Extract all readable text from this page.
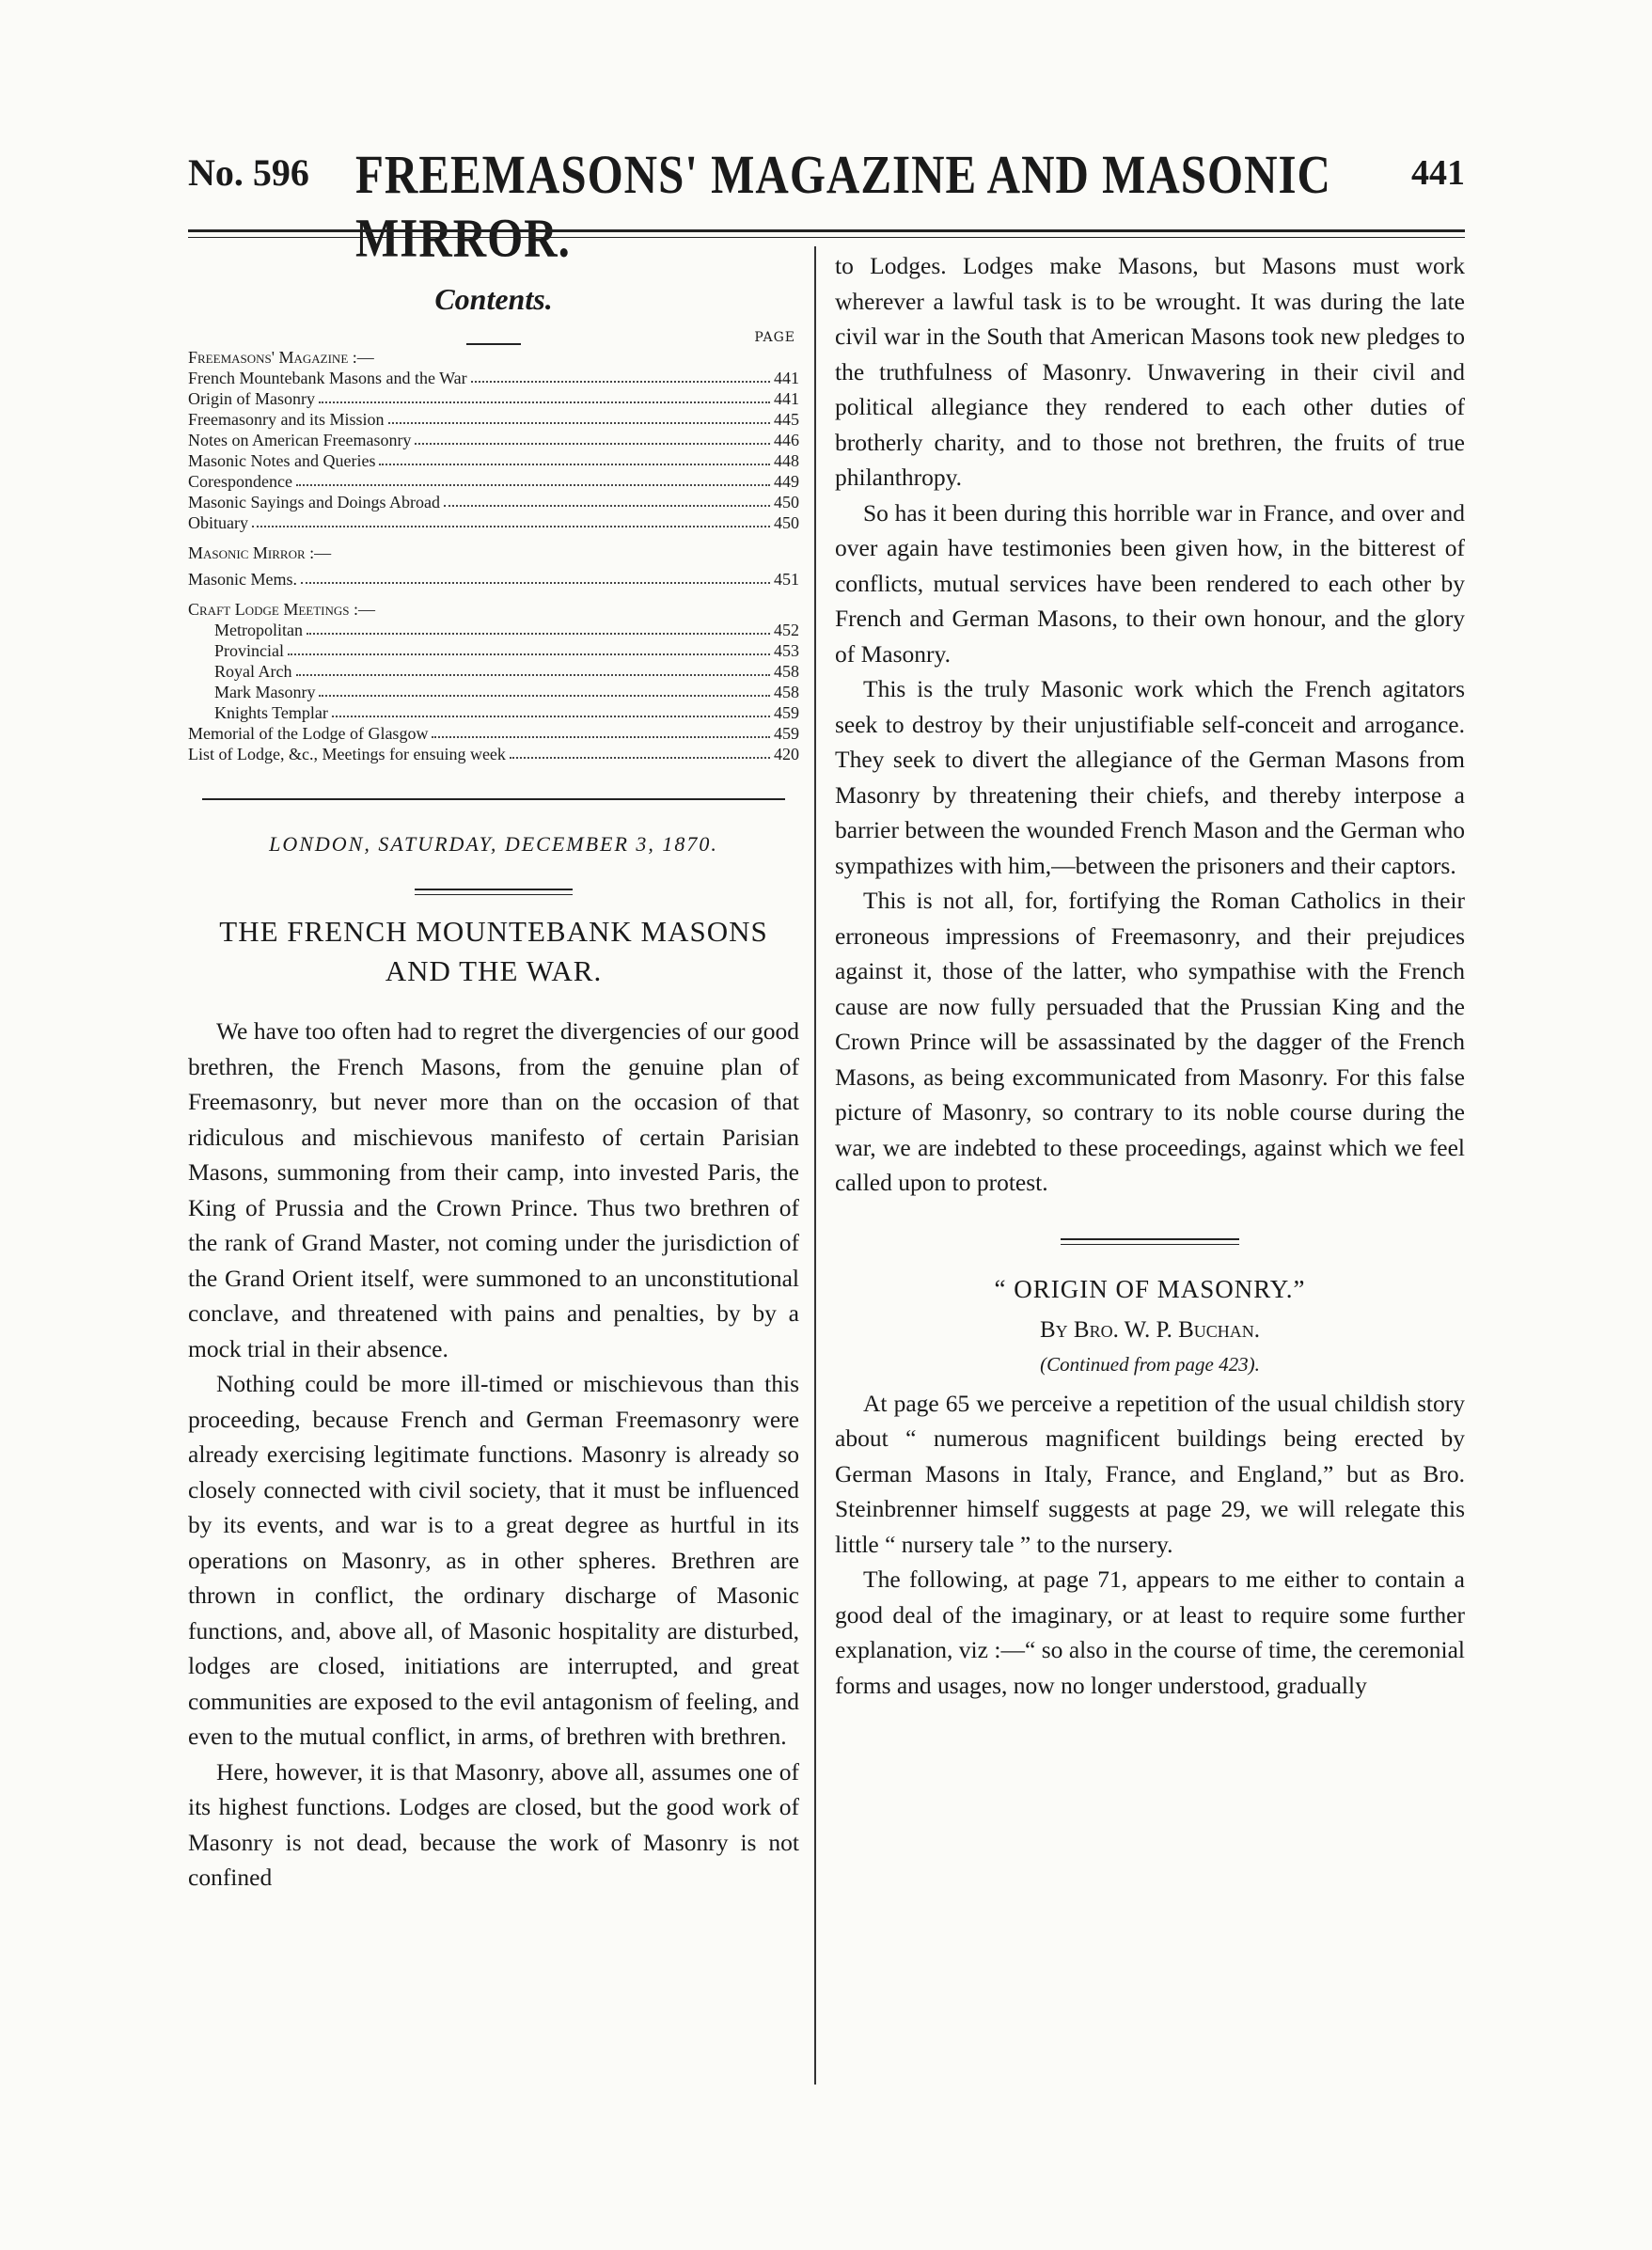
No. 596 FREEMASONS' MAGAZINE AND MASONIC MIRROR.
441
Contents.
PAGE
Freemasons' Magazine :—
French Mountebank Masons and the War	441
Origin of Masonry	441
Freemasonry and its Mission	445
Notes on American Freemasonry	446
Masonic Notes and Queries	448
Corespondence	449
Masonic Sayings and Doings Abroad	450
Obituary	450
Masonic Mirror :—
Masonic Mems.	451
Craft Lodge Meetings :—
Metropolitan	452
Provincial	453
Royal Arch	458
Mark Masonry	458
Knights Templar	459
Memorial of the Lodge of Glasgow	459
List of Lodge, &c., Meetings for ensuing week	420
LONDON, SATURDAY, DECEMBER 3, 1870.
THE FRENCH MOUNTEBANK MASONS
AND THE WAR.

We have too often had to regret the divergencies of our good brethren, the French Masons, from the genuine plan of Freemasonry, but never more than on the occasion of that ridiculous and mischievous manifesto of certain Parisian Masons, summoning from their camp, into invested Paris, the King of Prussia and the Crown Prince. Thus two brethren of the rank of Grand Master, not coming under the jurisdiction of the Grand Orient itself, were summoned to an unconstitutional conclave, and threatened with pains and penalties, by by a mock trial in their absence.

Nothing could be more ill-timed or mischievous than this proceeding, because French and German Freemasonry were already exercising legitimate functions. Masonry is already so closely connected with civil society, that it must be influenced by its events, and war is to a great degree as hurtful in its operations on Masonry, as in other spheres. Brethren are thrown in conflict, the ordinary discharge of Masonic functions, and, above all, of Masonic hospitality are disturbed, lodges are closed, initiations are interrupted, and great communities are exposed to the evil antagonism of feeling, and even to the mutual conflict, in arms, of brethren with brethren.

Here, however, it is that Masonry, above all, assumes one of its highest functions. Lodges are closed, but the good work of Masonry is not dead, because the work of Masonry is not confined

to Lodges. Lodges make Masons, but Masons must work wherever a lawful task is to be wrought. It was during the late civil war in the South that American Masons took new pledges to the truthfulness of Masonry. Unwavering in their civil and political allegiance they rendered to each other duties of brotherly charity, and to those not brethren, the fruits of true philanthropy.

So has it been during this horrible war in France, and over and over again have testimonies been given how, in the bitterest of conflicts, mutual services have been rendered to each other by French and German Masons, to their own honour, and the glory of Masonry.

This is the truly Masonic work which the French agitators seek to destroy by their unjustifiable self-conceit and arrogance. They seek to divert the allegiance of the German Masons from Masonry by threatening their chiefs, and thereby interpose a barrier between the wounded French Mason and the German who sympathizes with him,—between the prisoners and their captors.

This is not all, for, fortifying the Roman Catholics in their erroneous impressions of Freemasonry, and their prejudices against it, those of the latter, who sympathise with the French cause are now fully persuaded that the Prussian King and the Crown Prince will be assassinated by the dagger of the French Masons, as being excommunicated from Masonry. For this false picture of Masonry, so contrary to its noble course during the war, we are indebted to these proceedings, against which we feel called upon to protest.

“ ORIGIN OF MASONRY.”
By Bro. W. P. Buchan.
(Continued from page 423).

At page 65 we perceive a repetition of the usual childish story about “ numerous magnificent buildings being erected by German Masons in Italy, France, and England,” but as Bro. Steinbrenner himself suggests at page 29, we will relegate this little “ nursery tale ” to the nursery.

The following, at page 71, appears to me either to contain a good deal of the imaginary, or at least to require some further explanation, viz :—“ so also in the course of time, the ceremonial forms and usages, now no longer understood, gradually
